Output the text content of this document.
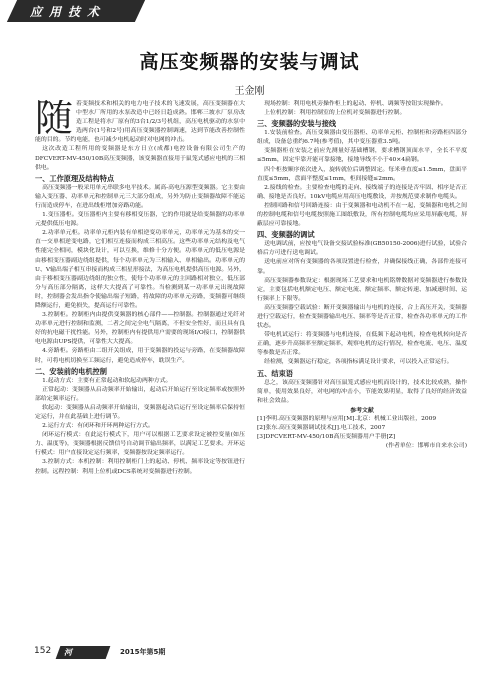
应用技术
高压变频器的安装与调试
王金刚

随着变频技术和相关的电力电子技术的飞速发展，高压变频器在大中型水厂所用的水泵改造中已经日趋成熟。邯郸三坡水厂泵房改造工程是将水厂原有的3台1/2/3号机组，高压电机驱动的水泵中选两台(1号和2号)用高压变频器控制调速，达到节能改善控制性能的目的。节约电能，也可减少电机起动时对电网的冲击。

这次改造工程所用的变频器是东方日立(成都)电控设备有限公司生产的DFCVERT-MV-450/10B高压变频器，该变频器直接用于鼠笼式感应电机的三相供电。

一、工作原理及结构特点

高压变频器一般采用单元串联多电平技术。属高-高电压源型变频器。它主要由输入变压器、功率单元和控制单元三大部分组成，另外为防止变频器故障不能运行而造成停车，在进出线柜增加旁路功能。

1.变压器柜。变压器柜内主要有移相变压器，它的作用就是给变频器的功率单元提供低压电源。

2.功率单元柜。功率单元柜内装有单相逆变功率单元，功率单元为基本的交一直一交单相逆变电路，它们相互连接而构成三相高压。这些功率单元结构及电气性能完全相同，模块化设计，可以互换，维修十分方便。功率单元的低压电源是由移相变压器副边绕组提供，每个功率单元为三相输入、单相输出。功率单元的U、V输出端子相互串接而构成三相星形接法，为高压电机提供高压电源。另外，由于移相变压器副边绕组的独立性，使每个功率单元的主回路相对独立，低压部分与高压部分隔离，这样大大提高了可靠性。当检测到某一功率单元出现故障时，控制器会发出指令使输出端子短路，将故障的功率单元旁路，变频器可继续降额运行，避免损失，提高运行可靠性。

3.控制柜。控制柜内由提供变频器的核心部件——控制器。控制器通过光纤对功率单元进行控制和监测，二者之间完全电气隔离，不但安全性好，而且具有良好的抗电磁干扰性能。另外，控制柜内有提供用户需要的现场I/O接口，控制器供电电源由UPS提供，可靠性大大提高。

4.旁路柜。旁路柜由二组开关组成，用于变频器的投运与旁路，在变频器故障时，可将电机切换至工频运行，避免造成停车，耽误生产。

二、安装前的电机控制

1.起动方式：主要有正常起动和软起动两种方式。

正常起动：变频器从启动频率开始输出，起动后开始运行至设定频率或按照外部给定频率运行。

软起动：变频器从启动频率开始输出，变频器起动后运行至设定频率后保持恒定运行，并在此基础上进行调节。

2.运行方式：有闭环和开环两种运行方式。

闭环运行模式：在此运行模式下，用户可以根据工艺要求设定被控变量(如压力、温度等)，变频器根据反馈信号自动调节输出频率，以满足工艺要求。开环运行模式：用户直接设定运行频率，变频器按设定频率运行。

3.控制方式：本机控制：利用控制柜门上的起动、停机、频率设定等按钮进行控制。远程控制：利用上位机或DCS系统对变频器进行控制。

现场控制：利用电机旁操作柜上的起动、停机、调频等按钮实现操作。

上位机控制：利用控制室的上位机对变频器进行控制。

三、变频器的安装与接线

1.安装前检查。高压变频器由变压器柜、功率单元柜、控制柜和旁路柜四部分组成，设备总重约6.7吨(参考值)，其中变压器重3.5吨。

变频器柜在安装之前应先测量好基础槽钢，要求槽钢顶面水平，全长不平度≤5mm，固定牢靠开能可靠接地，接地导线不小于40×4扁钢。

四个柜按顺序依次进入，旋转就位后调整固定。每米垂直度≤1.5mm，盘面平直度≤5mm，盘面平整度≤1mm，柜间接缝≤2mm。

2.接线的检查。主要检查电缆的走向、接线端子的连接是否牢固、相序是否正确、接地是否良好。10kV电缆应用高压电缆敷设，并按规范要求制作电缆头。

控制回路和信号回路连接：由于变频器和电动机不在一起，变频器和电机之间的控制电缆和信号电缆按照施工图纸敷设，所有控制电缆均应采用屏蔽电缆，屏蔽层应可靠接地。

四、变频器的调试

送电调试前，应按电气设备交接试验标准(GB50150-2006)进行试验，试验合格后方可进行送电调试。

送电前应对所有变频器的各项设置进行检查，并确保接线正确，各部件连接可靠。

高压变频器参数设定：根据现场工艺要求和电机铭牌数据对变频器进行参数设定，主要包括电机额定电压、额定电流、额定频率、额定转速、加减速时间、运行频率上下限等。

高压变频器空载试验：断开变频器输出与电机的连接，合上高压开关，变频器进行空载运行，检查变频器输出电压、频率等是否正常，检查各功率单元的工作状态。

带电机试运行：将变频器与电机连接，在低频下起动电机，检查电机转向是否正确，逐步升高频率至额定频率，观察电机的运行情况，检查电流、电压、温度等参数是否正常。

经检测，变频器运行稳定，各项指标满足设计要求，可以投入正常运行。

五、结束语

总之，该高压变频器针对高压鼠笼式感应电机而设计的，技术比较成熟，操作简单，使用效果良好，对电网的冲击小，节能效果明显，取得了良好的经济效益和社会效益。

参考文献

[1]李明.高压变频器的原理与应用[M].北京：机械工业出版社，2009

[2]张东.高压变频器调试技术[J].电工技术，2007

[3]DFCVERT-MV-450/10B高压变频器用户手册[Z]

(作者单位：邯郸市自来水公司)

152 河北企业
2015年第5期
